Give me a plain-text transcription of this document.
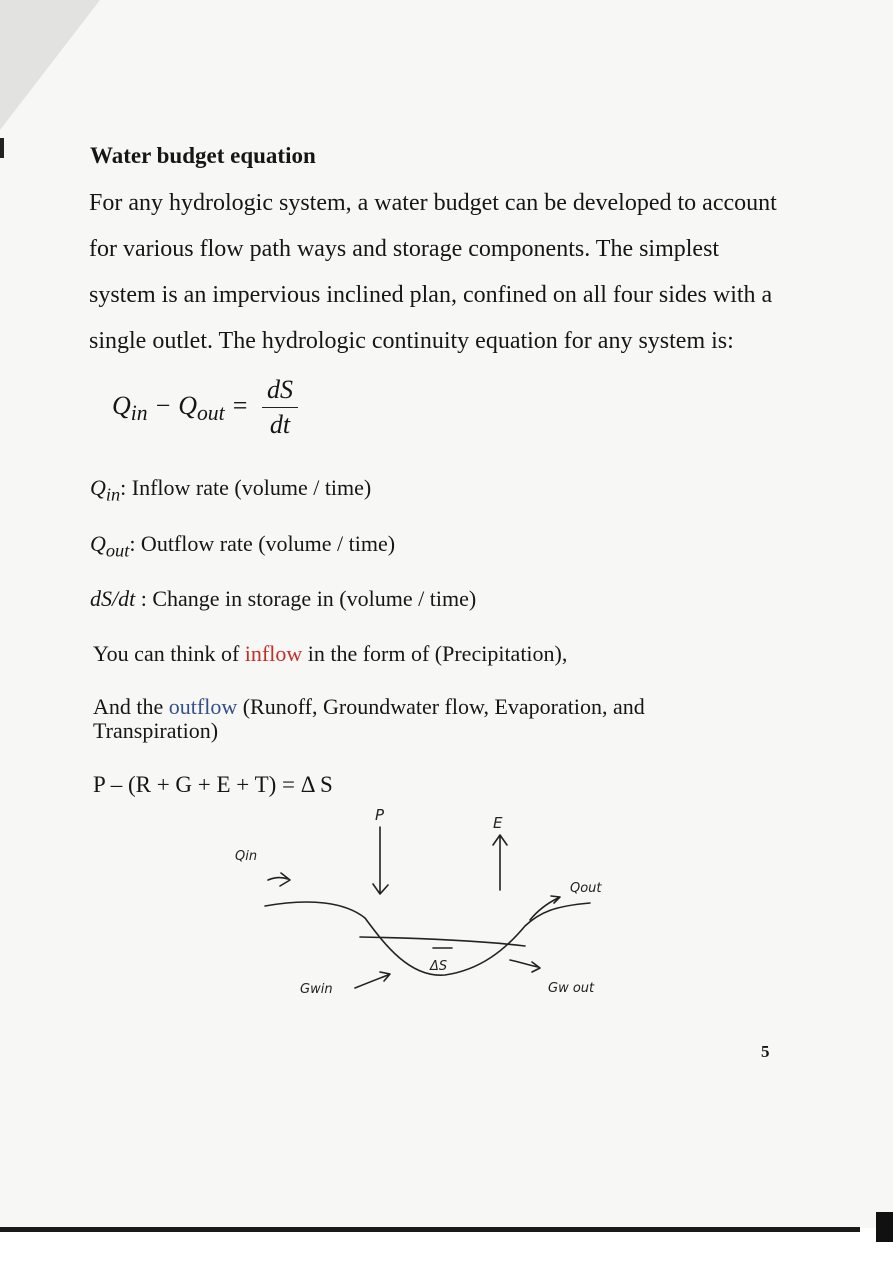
Water budget equation
For any hydrologic system, a water budget can be developed to account
for various flow path ways and storage components. The simplest
system is an impervious inclined plan, confined on all four sides with a
single outlet. The hydrologic continuity equation for any system is:
$Q_{in} - Q_{out} = \frac{dS}{dt}$
$Q_{in}$: Inflow rate (volume / time)
$Q_{out}$: Outflow rate (volume / time)
dS/dt : Change in storage in (volume / time)
You can think of inflow in the form of (Precipitation),
And the outflow (Runoff, Groundwater flow, Evaporation, and
Transpiration)
P – (R + G + E + T) = Δ S
P	E
Qin
Qout
ΔS
Gwin	Gw out
5
